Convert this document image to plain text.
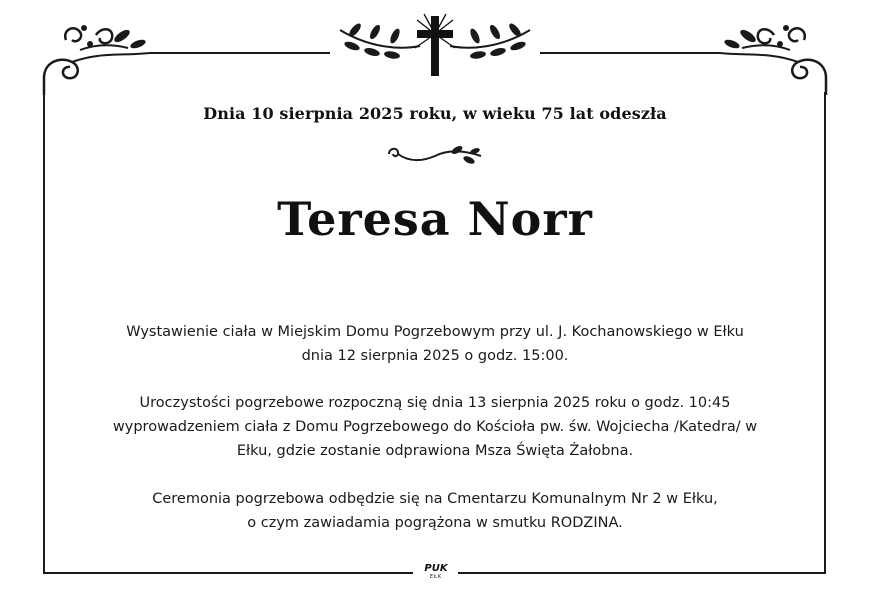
Dnia 10 sierpnia 2025 roku, w wieku 75 lat odeszła
Teresa Norr
Wystawienie ciała w Miejskim Domu Pogrzebowym przy ul. J. Kochanowskiego w Ełku
dnia 12 sierpnia 2025 o godz. 15:00.
Uroczystości pogrzebowe rozpoczną się dnia 13 sierpnia 2025 roku o godz. 10:45
wyprowadzeniem ciała z Domu Pogrzebowego do Kościoła pw. św. Wojciecha /Katedra/ w
Ełku, gdzie zostanie odprawiona Msza Święta Żałobna.
Ceremonia pogrzebowa odbędzie się na Cmentarzu Komunalnym Nr 2 w Ełku,
o czym zawiadamia pogrążona w smutku RODZINA.
PUK
EŁK
